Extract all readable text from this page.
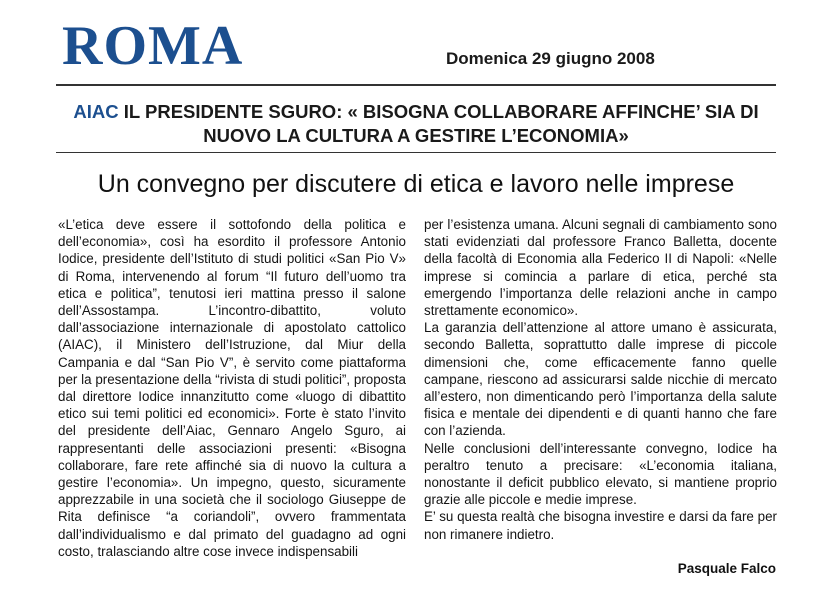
ROMA	Domenica 29 giugno 2008
AIAC IL PRESIDENTE SGURO: « BISOGNA COLLABORARE AFFINCHE’ SIA DI
NUOVO LA CULTURA A GESTIRE L’ECONOMIA»
Un convegno per discutere di etica e lavoro nelle imprese

«L’etica deve essere il sottofondo della politica e dell’economia», così ha esordito il professore Antonio Iodice, presidente dell’Istituto di studi politici «San Pio V» di Roma, intervenendo al forum “Il futuro dell’uomo tra etica e politica”, tenutosi ieri mattina presso il salone dell’Assostampa. L’incontro-dibattito, voluto dall’associazione internazionale di apostolato cattolico (AIAC), il Ministero dell’Istruzione, dal Miur della Campania e dal “San Pio V”, è servito come piattaforma per la presentazione della “rivista di studi politici”, proposta dal direttore Iodice innanzitutto come «luogo di dibattito etico sui temi politici ed economici». Forte è stato l’invito del presidente dell’Aiac, Gennaro Angelo Sguro, ai rappresentanti delle associazioni presenti: «Bisogna collaborare, fare rete affinché sia di nuovo la cultura a gestire l’economia». Un impegno, questo, sicuramente apprezzabile in una società che il sociologo Giuseppe de Rita definisce “a coriandoli”, ovvero frammentata dall’individualismo e dal primato del guadagno ad ogni costo, tralasciando altre cose invece indispensabili

per l’esistenza umana. Alcuni segnali di cambiamento sono stati evidenziati dal professore Franco Balletta, docente della facoltà di Economia alla Federico II di Napoli: «Nelle imprese si comincia a parlare di etica, perché sta emergendo l’importanza delle relazioni anche in campo strettamente economico».

La garanzia dell’attenzione al attore umano è assicurata, secondo Balletta, soprattutto dalle imprese di piccole dimensioni che, come efficacemente fanno quelle campane, riescono ad assicurarsi salde nicchie di mercato all’estero, non dimenticando però l’importanza della salute fisica e mentale dei dipendenti e di quanti hanno che fare con l’azienda.

Nelle conclusioni dell’interessante convegno, Iodice ha peraltro tenuto a precisare: «L’economia italiana, nonostante il deficit pubblico elevato, si mantiene proprio grazie alle piccole e medie imprese.

E’ su questa realtà che bisogna investire e darsi da fare per non rimanere indietro.

Pasquale Falco
